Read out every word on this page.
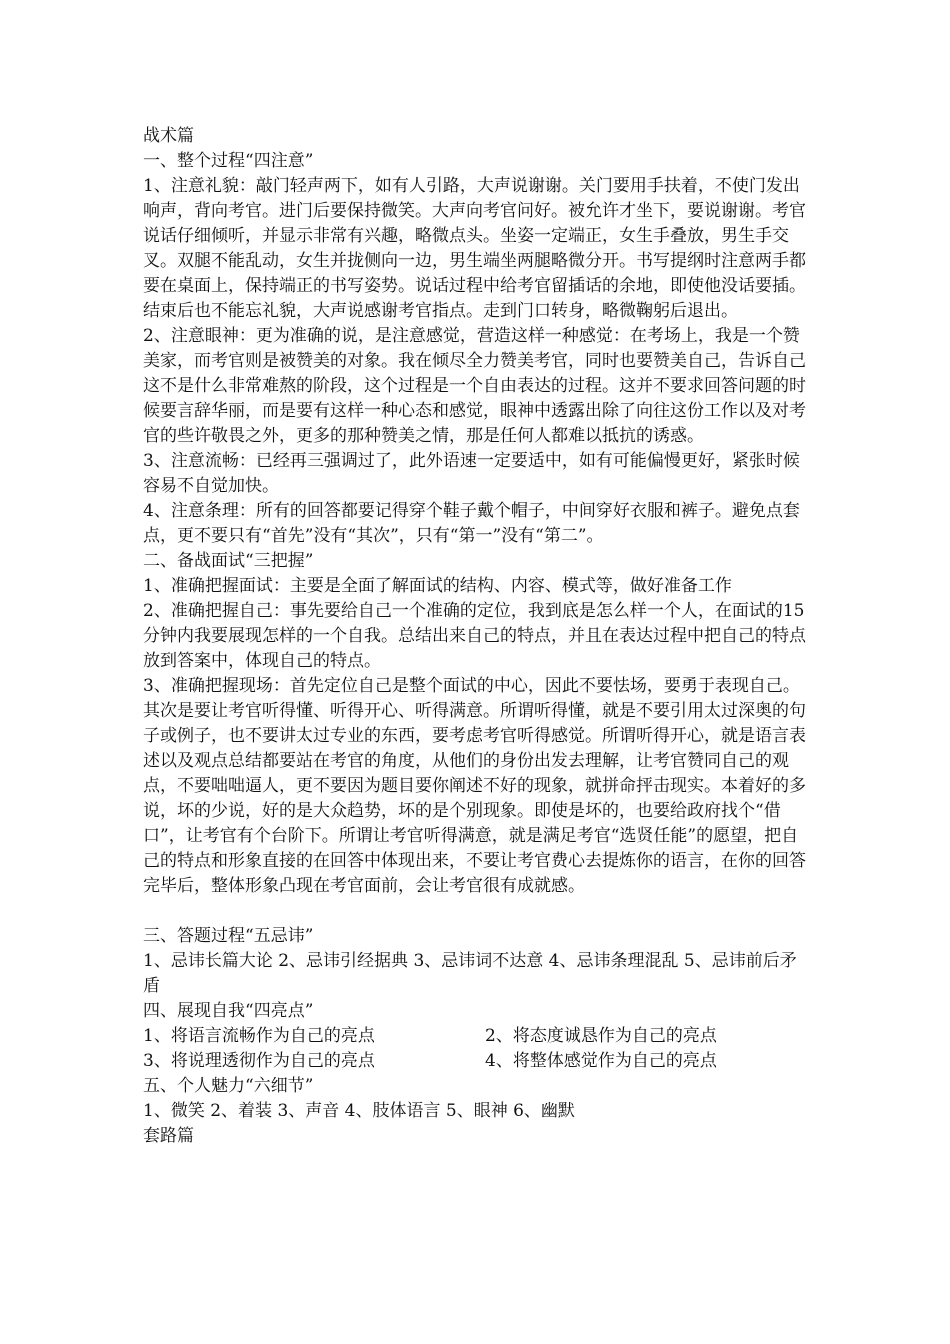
战术篇

一、整个过程“四注意”

1、注意礼貌：敲门轻声两下，如有人引路，大声说谢谢。关门要用手扶着，不使门发出响声，背向考官。进门后要保持微笑。大声向考官问好。被允许才坐下，要说谢谢。考官说话仔细倾听，并显示非常有兴趣，略微点头。坐姿一定端正，女生手叠放，男生手交叉。双腿不能乱动，女生并拢侧向一边，男生端坐两腿略微分开。书写提纲时注意两手都要在桌面上，保持端正的书写姿势。说话过程中给考官留插话的余地，即使他没话要插。结束后也不能忘礼貌，大声说感谢考官指点。走到门口转身，略微鞠躬后退出。

2、注意眼神：更为准确的说，是注意感觉，营造这样一种感觉：在考场上，我是一个赞美家，而考官则是被赞美的对象。我在倾尽全力赞美考官，同时也要赞美自己，告诉自己这不是什么非常难熬的阶段，这个过程是一个自由表达的过程。这并不要求回答问题的时候要言辞华丽，而是要有这样一种心态和感觉，眼神中透露出除了向往这份工作以及对考官的些许敬畏之外，更多的那种赞美之情，那是任何人都难以抵抗的诱惑。

3、注意流畅：已经再三强调过了，此外语速一定要适中，如有可能偏慢更好，紧张时候容易不自觉加快。

4、注意条理：所有的回答都要记得穿个鞋子戴个帽子，中间穿好衣服和裤子。避免点套点，更不要只有“首先”没有“其次”，只有“第一”没有“第二”。

二、备战面试“三把握”

1、准确把握面试：主要是全面了解面试的结构、内容、模式等，做好准备工作

2、准确把握自己：事先要给自己一个准确的定位，我到底是怎么样一个人，在面试的15分钟内我要展现怎样的一个自我。总结出来自己的特点，并且在表达过程中把自己的特点放到答案中，体现自己的特点。

3、准确把握现场：首先定位自己是整个面试的中心，因此不要怯场，要勇于表现自己。其次是要让考官听得懂、听得开心、听得满意。所谓听得懂，就是不要引用太过深奥的句子或例子，也不要讲太过专业的东西，要考虑考官听得感觉。所谓听得开心，就是语言表述以及观点总结都要站在考官的角度，从他们的身份出发去理解，让考官赞同自己的观点，不要咄咄逼人，更不要因为题目要你阐述不好的现象，就拼命抨击现实。本着好的多说，坏的少说，好的是大众趋势，坏的是个别现象。即使是坏的，也要给政府找个“借口”，让考官有个台阶下。所谓让考官听得满意，就是满足考官“选贤任能”的愿望，把自己的特点和形象直接的在回答中体现出来，不要让考官费心去提炼你的语言，在你的回答完毕后，整体形象凸现在考官面前，会让考官很有成就感。

三、答题过程“五忌讳”

1、忌讳长篇大论 2、忌讳引经据典 3、忌讳词不达意 4、忌讳条理混乱 5、忌讳前后矛盾

四、展现自我“四亮点”

1、将语言流畅作为自己的亮点	2、将态度诚恳作为自己的亮点
3、将说理透彻作为自己的亮点	4、将整体感觉作为自己的亮点

五、个人魅力“六细节”

1、微笑 2、着装 3、声音 4、肢体语言 5、眼神 6、幽默

套路篇
